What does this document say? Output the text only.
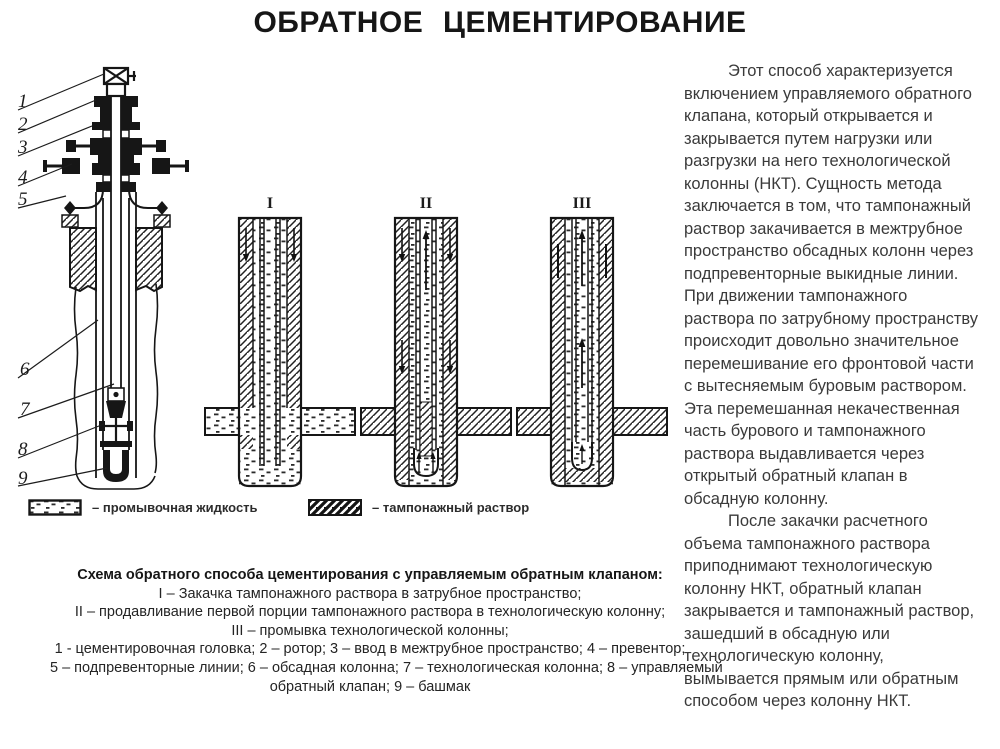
ОБРАТНОЕ ЦЕМЕНТИРОВАНИЕ
1
2
3
4
5
6
7
8
9
I	II	III
– промывочная жидкость	– тампонажный раствор
Схема обратного способа цементирования с управляемым обратным клапаном:
I – Закачка тампонажного раствора в затрубное пространство;
II – продавливание первой порции тампонажного раствора в технологическую колонну;
III – промывка технологической колонны;
1 - цементировочная головка; 2 – ротор; 3 – ввод в межтрубное пространство; 4 – превентор;
5 – подпревенторные линии; 6 – обсадная колонна; 7 – технологическая колонна; 8 – управляемый
обратный клапан; 9 – башмак

Этот способ характеризуется включением управляемого обратного клапана, который открывается и закрывается путем нагрузки или разгрузки на него технологической колонны (НКТ). Сущность метода заключается в том, что тампонажный раствор закачивается в межтрубное пространство обсадных колонн через подпревенторные выкидные линии. При движении тампонажного раствора по затрубному пространству происходит довольно значительное перемешивание его фронтовой части с вытесняемым буровым раствором. Эта перемешанная некачественная часть бурового и тампонажного раствора выдавливается через открытый обратный клапан в обсадную колонну.

После закачки расчетного объема тампонажного раствора приподнимают технологическую колонну НКТ, обратный клапан закрывается и тампонажный раствор, зашедший в обсадную или технологическую колонну, вымывается прямым или обратным способом через колонну НКТ.
